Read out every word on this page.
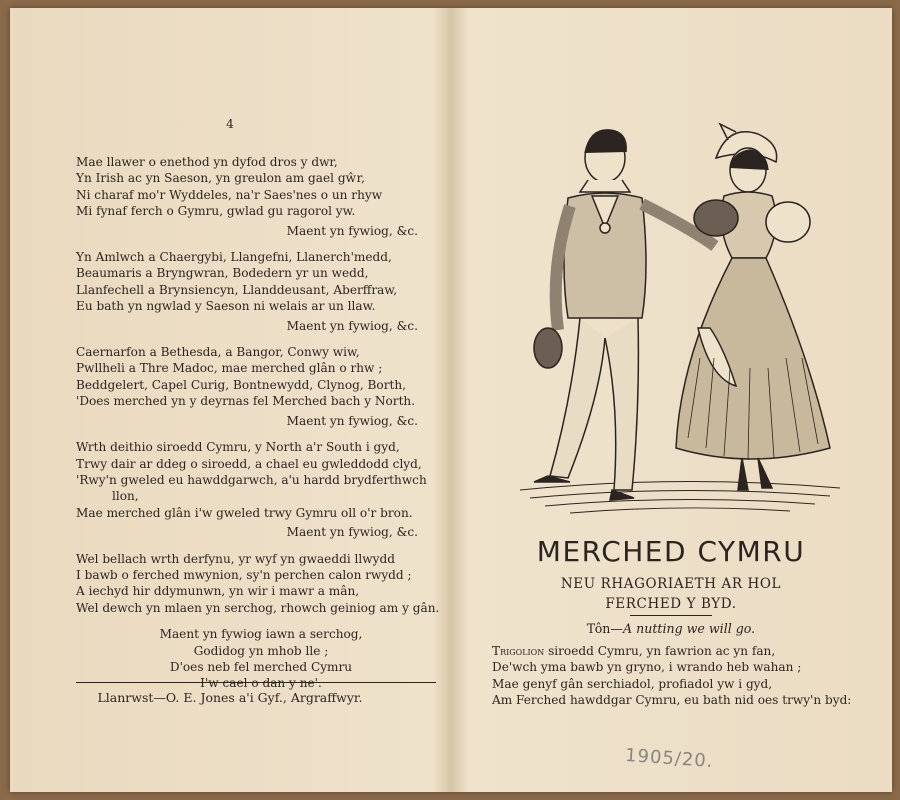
4
Mae llawer o enethod yn dyfod dros y dwr,
Yn Irish ac yn Saeson, yn greulon am gael gŵr,
Ni charaf mo'r Wyddeles, na'r Saes'nes o un rhyw
Mi fynaf ferch o Gymru, gwlad gu ragorol yw.
Maent yn fywiog, &c.
Yn Amlwch a Chaergybi, Llangefni, Llanerch'medd,
Beaumaris a Bryngwran, Bodedern yr un wedd,
Llanfechell a Brynsiencyn, Llanddeusant, Aberffraw,
Eu bath yn ngwlad y Saeson ni welais ar un llaw.
Maent yn fywiog, &c.
Caernarfon a Bethesda, a Bangor, Conwy wiw,
Pwllheli a Thre Madoc, mae merched glân o rhw ;
Beddgelert, Capel Curig, Bontnewydd, Clynog, Borth,
'Does merched yn y deyrnas fel Merched bach y North.
Maent yn fywiog, &c.
Wrth deithio siroedd Cymru, y North a'r South i gyd,
Trwy dair ar ddeg o siroedd, a chael eu gwleddodd clyd,
'Rwy'n gweled eu hawddgarwch, a'u hardd brydferthwch
llon,
Mae merched glân i'w gweled trwy Gymru oll o'r bron.
Maent yn fywiog, &c.
Wel bellach wrth derfynu, yr wyf yn gwaeddi llwydd
I bawb o ferched mwynion, sy'n perchen calon rwydd ;
A iechyd hir ddymunwn, yn wir i mawr a mân,
Wel dewch yn mlaen yn serchog, rhowch geiniog am y gân.
Maent yn fywiog iawn a serchog,
Godidog yn mhob lle ;
D'oes neb fel merched Cymru
I'w cael o dan y ne'.
Llanrwst—O. E. Jones a'i Gyf., Argraffwyr.
MERCHED CYMRU
NEU RHAGORIAETH AR HOL
FERCHED Y BYD.
Tôn—A nutting we will go.
Trigolion siroedd Cymru, yn fawrion ac yn fan,
De'wch yma bawb yn gryno, i wrando heb wahan ;
Mae genyf gân serchiadol, profiadol yw i gyd,
Am Ferched hawddgar Cymru, eu bath nid oes trwy'n byd:
1905/20.
